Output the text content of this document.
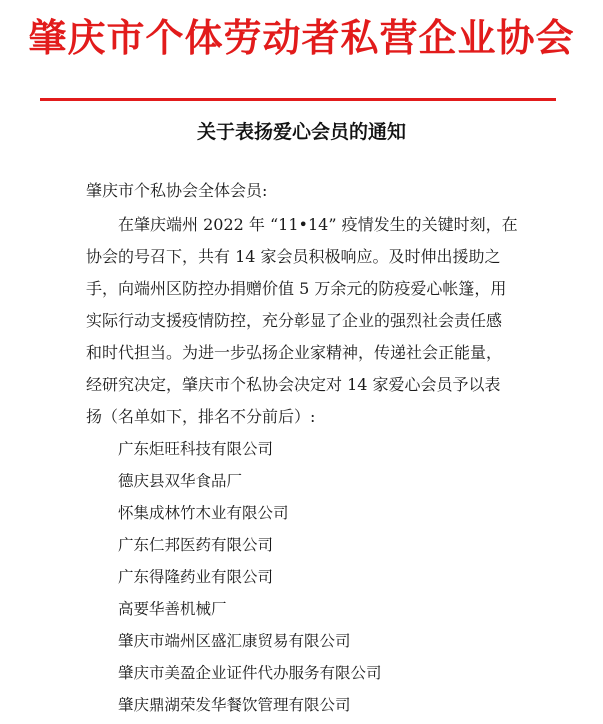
肇庆市个体劳动者私营企业协会
关于表扬爱心会员的通知
肇庆市个私协会全体会员:
在肇庆端州 2022 年 “11•14” 疫情发生的关键时刻，在
协会的号召下，共有 14 家会员积极响应。及时伸出援助之
手，向端州区防控办捐赠价值 5 万余元的防疫爱心帐篷，用
实际行动支援疫情防控，充分彰显了企业的强烈社会责任感
和时代担当。为进一步弘扬企业家精神，传递社会正能量，
经研究决定，肇庆市个私协会决定对 14 家爱心会员予以表
扬（名单如下，排名不分前后）:
广东炬旺科技有限公司
德庆县双华食品厂
怀集成林竹木业有限公司
广东仁邦医药有限公司
广东得隆药业有限公司
高要华善机械厂
肇庆市端州区盛汇康贸易有限公司
肇庆市美盈企业证件代办服务有限公司
肇庆鼎湖荣发华餐饮管理有限公司
